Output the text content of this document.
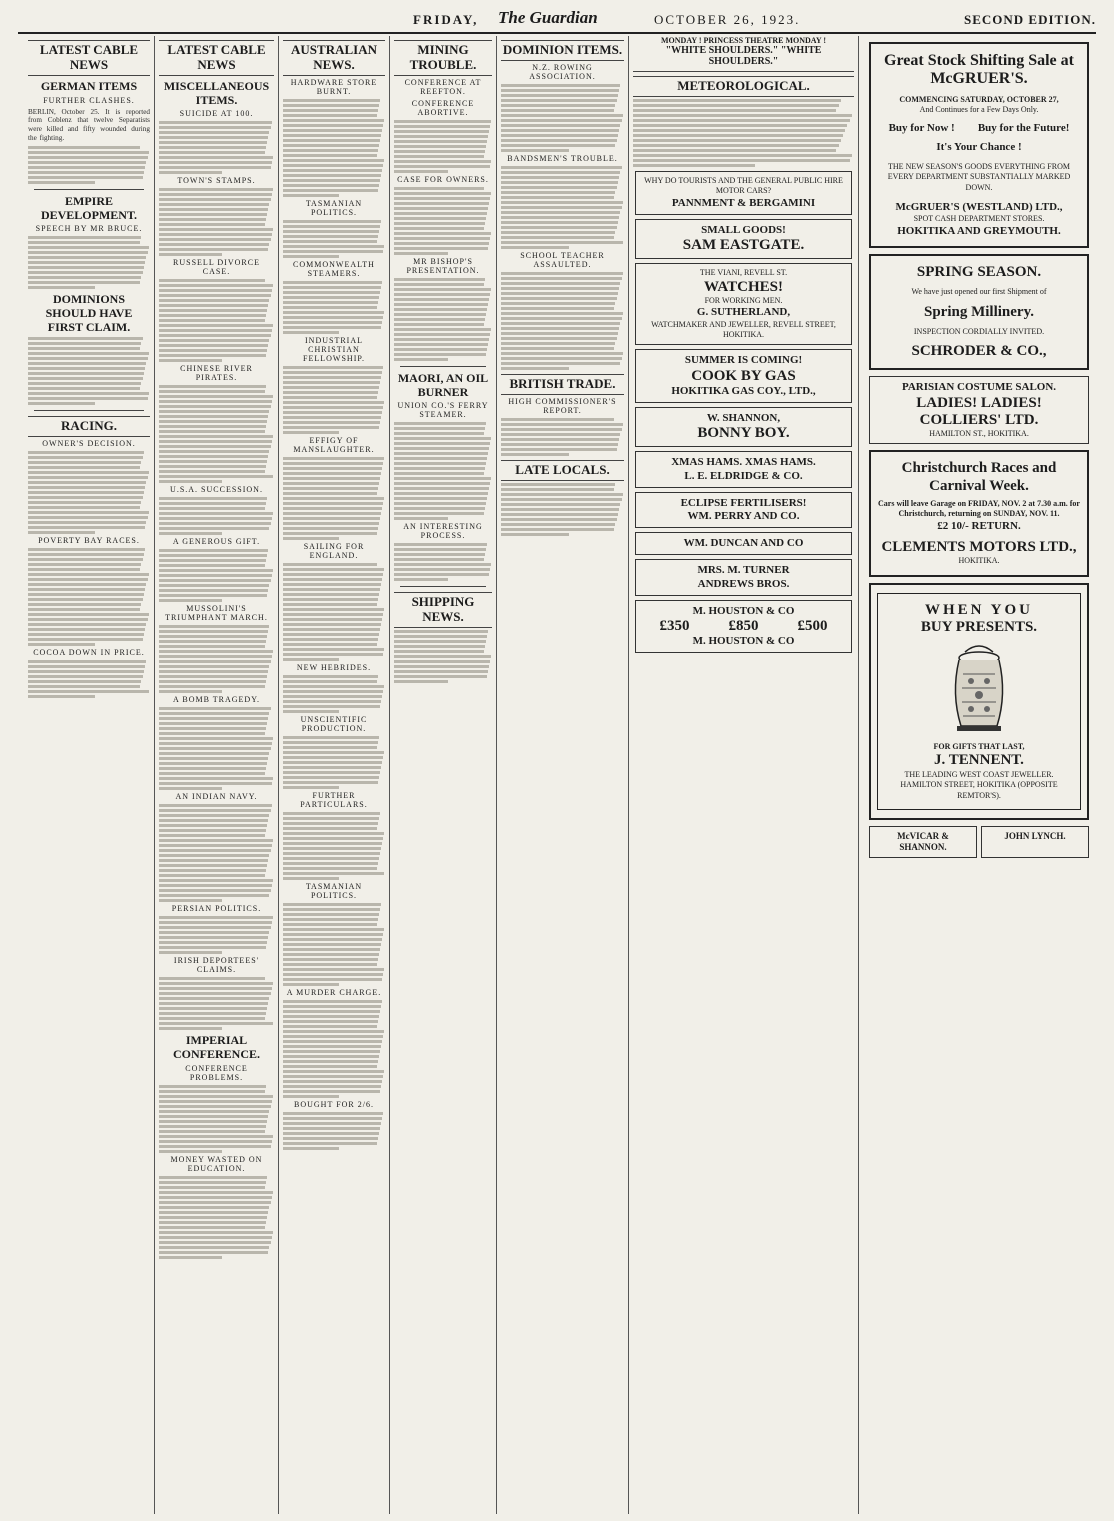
FRIDAY, The Guardian	OCTOBER 26, 1923.	SECOND EDITION.
LATEST CABLE NEWS
GERMAN ITEMS
FURTHER CLASHES.

BERLIN, October 25. It is reported from Coblenz that twelve Separatists were killed and fifty wounded during the fighting.

EMPIRE DEVELOPMENT.
SPEECH BY MR BRUCE.
DOMINIONS SHOULD HAVE FIRST CLAIM.
RACING.
OWNER'S DECISION.
POVERTY BAY RACES.
COCOA DOWN IN PRICE.
LATEST CABLE NEWS
MISCELLANEOUS ITEMS.
SUICIDE AT 100.
TOWN'S STAMPS.
RUSSELL DIVORCE CASE.
CHINESE RIVER PIRATES.
U.S.A. SUCCESSION.
A GENEROUS GIFT.
MUSSOLINI'S TRIUMPHANT MARCH.
A BOMB TRAGEDY.
AN INDIAN NAVY.
PERSIAN POLITICS.
IRISH DEPORTEES' CLAIMS.
IMPERIAL CONFERENCE.
CONFERENCE PROBLEMS.
MONEY WASTED ON EDUCATION.
AUSTRALIAN NEWS.
HARDWARE STORE BURNT.
TASMANIAN POLITICS.
COMMONWEALTH STEAMERS.
INDUSTRIAL CHRISTIAN FELLOWSHIP.
EFFIGY OF MANSLAUGHTER.
SAILING FOR ENGLAND.
NEW HEBRIDES.
UNSCIENTIFIC PRODUCTION.
FURTHER PARTICULARS.
TASMANIAN POLITICS.
A MURDER CHARGE.
BOUGHT FOR 2/6.
MINING TROUBLE.
CONFERENCE AT REEFTON.
CONFERENCE ABORTIVE.
CASE FOR OWNERS.
MR BISHOP'S PRESENTATION.
MAORI, AN OIL BURNER
UNION CO.'S FERRY STEAMER.
AN INTERESTING PROCESS.
SHIPPING NEWS.
DOMINION ITEMS.
N.Z. ROWING ASSOCIATION.
BANDSMEN'S TROUBLE.
SCHOOL TEACHER ASSAULTED.
BRITISH TRADE.
HIGH COMMISSIONER'S REPORT.
LATE LOCALS.
MONDAY ! PRINCESS THEATRE MONDAY !
"WHITE SHOULDERS." "WHITE SHOULDERS."
METEOROLOGICAL.
WHY DO TOURISTS AND THE GENERAL PUBLIC HIRE MOTOR CARS?
PANNMENT & BERGAMINI
SMALL GOODS!
SAM EASTGATE.
THE VIANI, REVELL ST.
WATCHES!
FOR WORKING MEN.
G. SUTHERLAND,
WATCHMAKER AND JEWELLER, REVELL STREET, HOKITIKA.
SUMMER IS COMING!
COOK BY GAS
HOKITIKA GAS COY., LTD.,
W. SHANNON,
BONNY BOY.
XMAS HAMS. XMAS HAMS.
L. E. ELDRIDGE & CO.
ECLIPSE FERTILISERS!
WM. PERRY AND CO.
WM. DUNCAN AND CO
MRS. M. TURNER
ANDREWS BROS.
M. HOUSTON & CO
£350	£850	£500
M. HOUSTON & CO
Great Stock Shifting Sale at McGRUER'S.
COMMENCING SATURDAY, OCTOBER 27,
And Continues for a Few Days Only.
Buy for Now ! Buy for the Future!
It's Your Chance !
THE NEW SEASON'S GOODS EVERYTHING FROM EVERY DEPARTMENT SUBSTANTIALLY MARKED DOWN.
McGRUER'S (WESTLAND) LTD.,
SPOT CASH DEPARTMENT STORES.
HOKITIKA AND GREYMOUTH.
SPRING SEASON.
We have just opened our first Shipment of
Spring Millinery.
INSPECTION CORDIALLY INVITED.
SCHRODER & CO.,
PARISIAN COSTUME SALON.
LADIES! LADIES!
COLLIERS' LTD.
HAMILTON ST., HOKITIKA.
Christchurch Races and Carnival Week.
Cars will leave Garage on FRIDAY, NOV. 2 at 7.30 a.m. for Christchurch, returning on SUNDAY, NOV. 11.
£2 10/- RETURN.
CLEMENTS MOTORS LTD.,
HOKITIKA.
WHEN YOU
BUY PRESENTS.
FOR GIFTS THAT LAST,
J. TENNENT.
THE LEADING WEST COAST JEWELLER.
HAMILTON STREET, HOKITIKA (OPPOSITE REMTOR'S).
McVICAR & SHANNON.
JOHN LYNCH.
